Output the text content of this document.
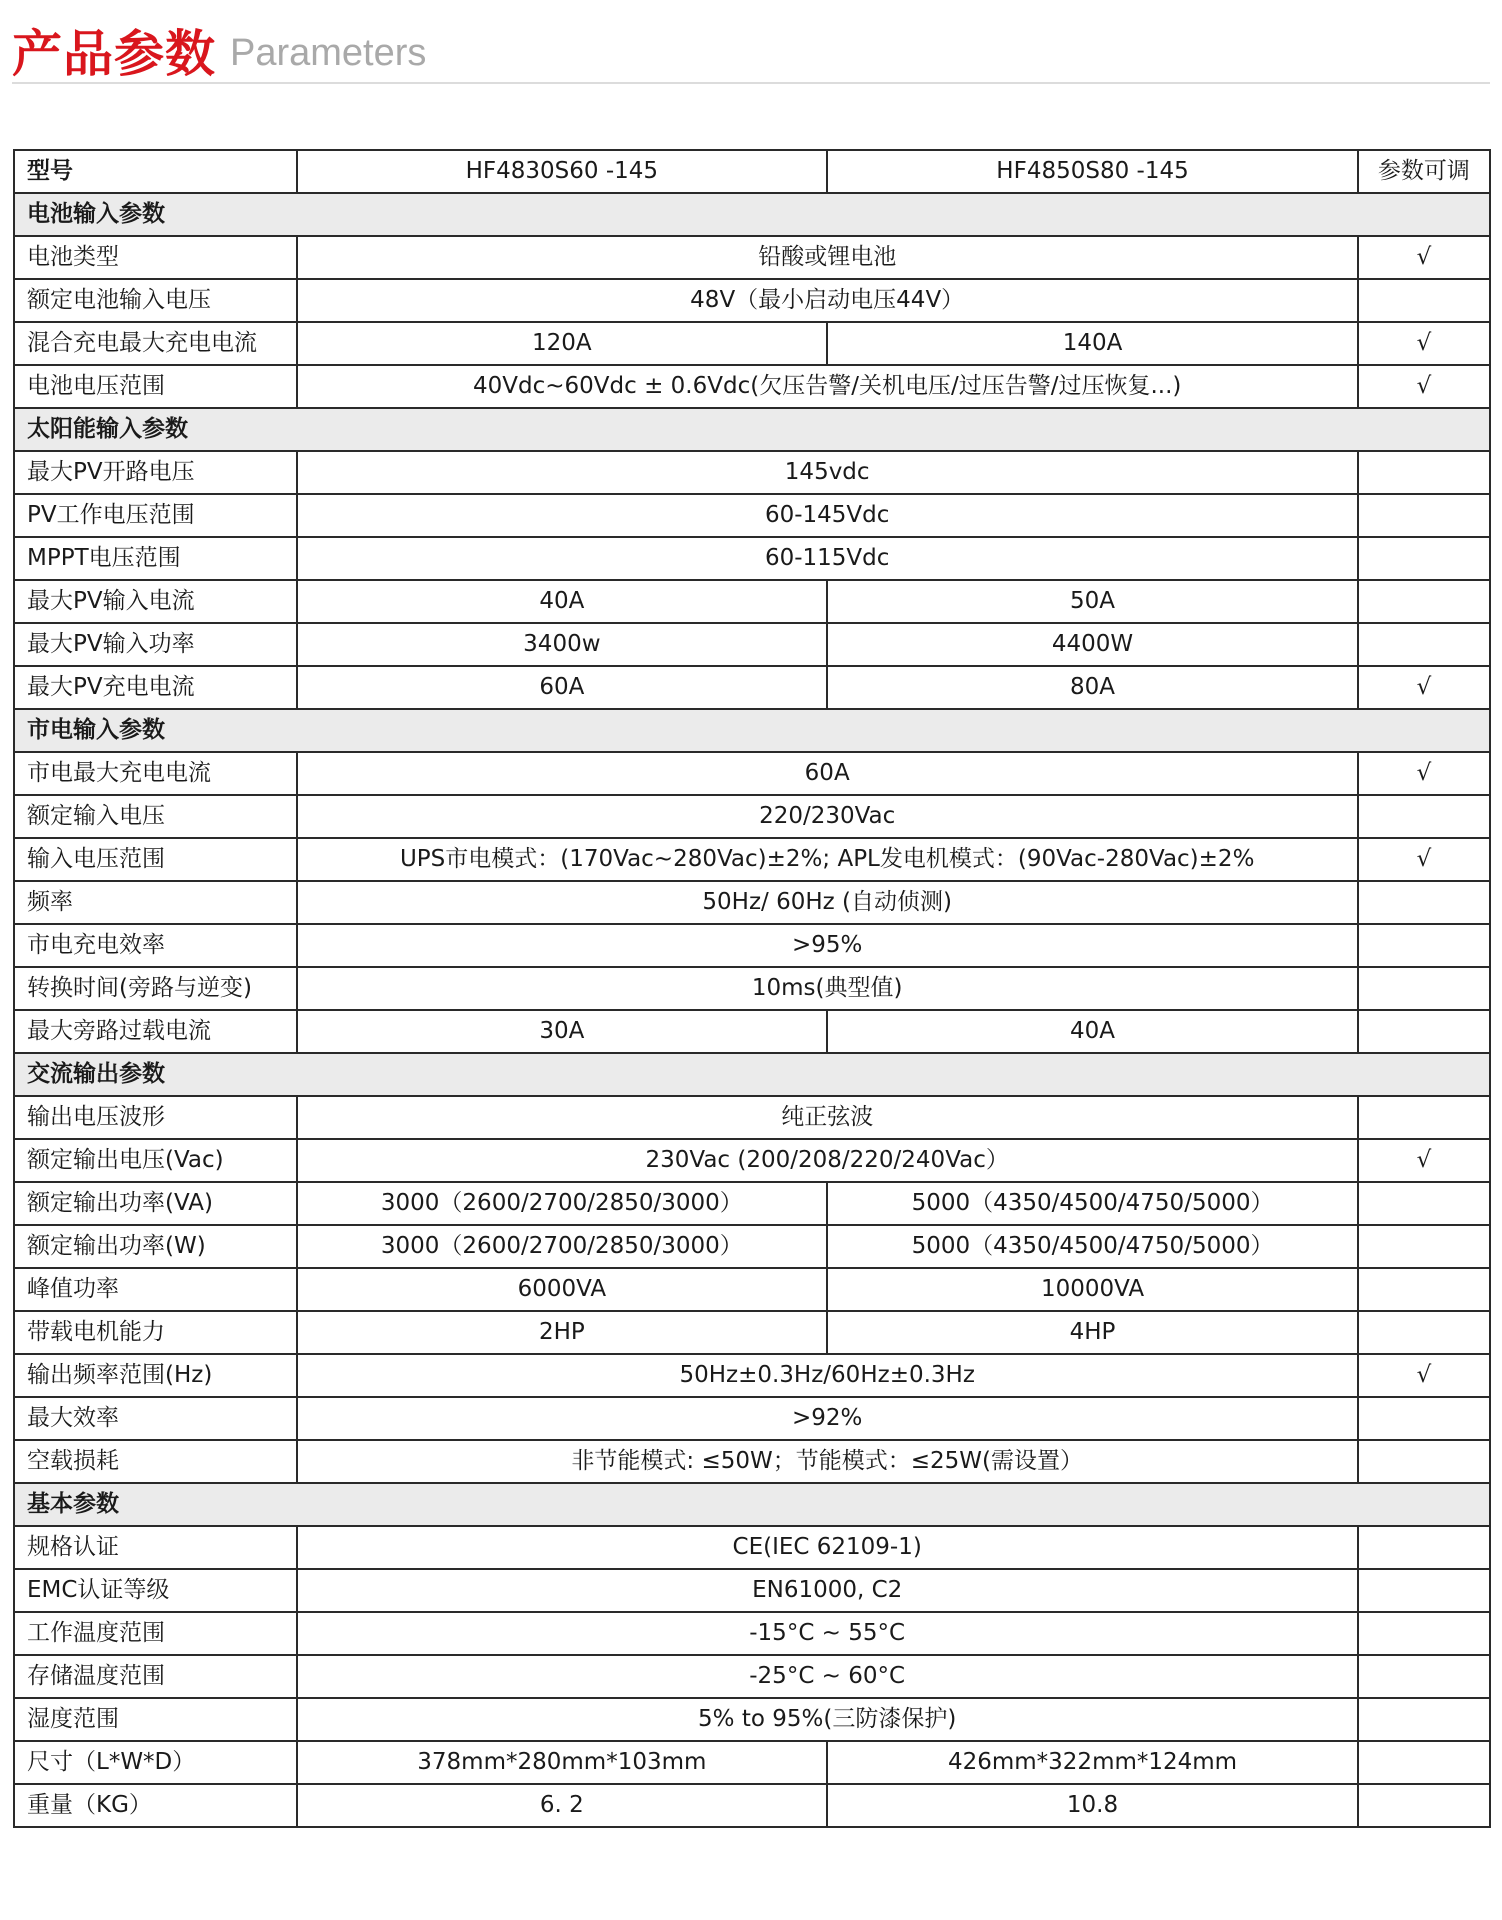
产品参数 Parameters
型号	HF4830S60 -145	HF4850S80 -145	参数可调
电池输入参数			
电池类型	铅酸或锂电池		√
额定电池输入电压	48V（最小启动电压44V）		
混合充电最大充电电流	120A	140A	√
电池电压范围	40Vdc~60Vdc ± 0.6Vdc(欠压告警/关机电压/过压告警/过压恢复...)		√
太阳能输入参数			
最大PV开路电压	145vdc		
PV工作电压范围	60-145Vdc		
MPPT电压范围	60-115Vdc		
最大PV输入电流	40A	50A	
最大PV输入功率	3400w	4400W	
最大PV充电电流	60A	80A	√
市电输入参数			
市电最大充电电流	60A		√
额定输入电压	220/230Vac		
输入电压范围	UPS市电模式：(170Vac~280Vac)±2%; APL发电机模式：(90Vac-280Vac)±2%		√
频率	50Hz/ 60Hz (自动侦测)		
市电充电效率	>95%		
转换时间(旁路与逆变)	10ms(典型值)		
最大旁路过载电流	30A	40A	
交流输出参数			
输出电压波形	纯正弦波		
额定输出电压(Vac)	230Vac (200/208/220/240Vac）		√
额定输出功率(VA)	3000（2600/2700/2850/3000）	5000（4350/4500/4750/5000）	
额定输出功率(W)	3000（2600/2700/2850/3000）	5000（4350/4500/4750/5000）	
峰值功率	6000VA	10000VA	
带载电机能力	2HP	4HP	
输出频率范围(Hz)	50Hz±0.3Hz/60Hz±0.3Hz		√
最大效率	>92%		
空载损耗	非节能模式: ≤50W；节能模式：≤25W(需设置）		
基本参数			
规格认证	CE(IEC 62109-1)		
EMC认证等级	EN61000, C2		
工作温度范围	-15°C ~ 55°C		
存储温度范围	-25°C ~ 60°C		
湿度范围	5% to 95%(三防漆保护)		
尺寸（L*W*D）	378mm*280mm*103mm	426mm*322mm*124mm	
重量（KG）	6. 2	10.8	
